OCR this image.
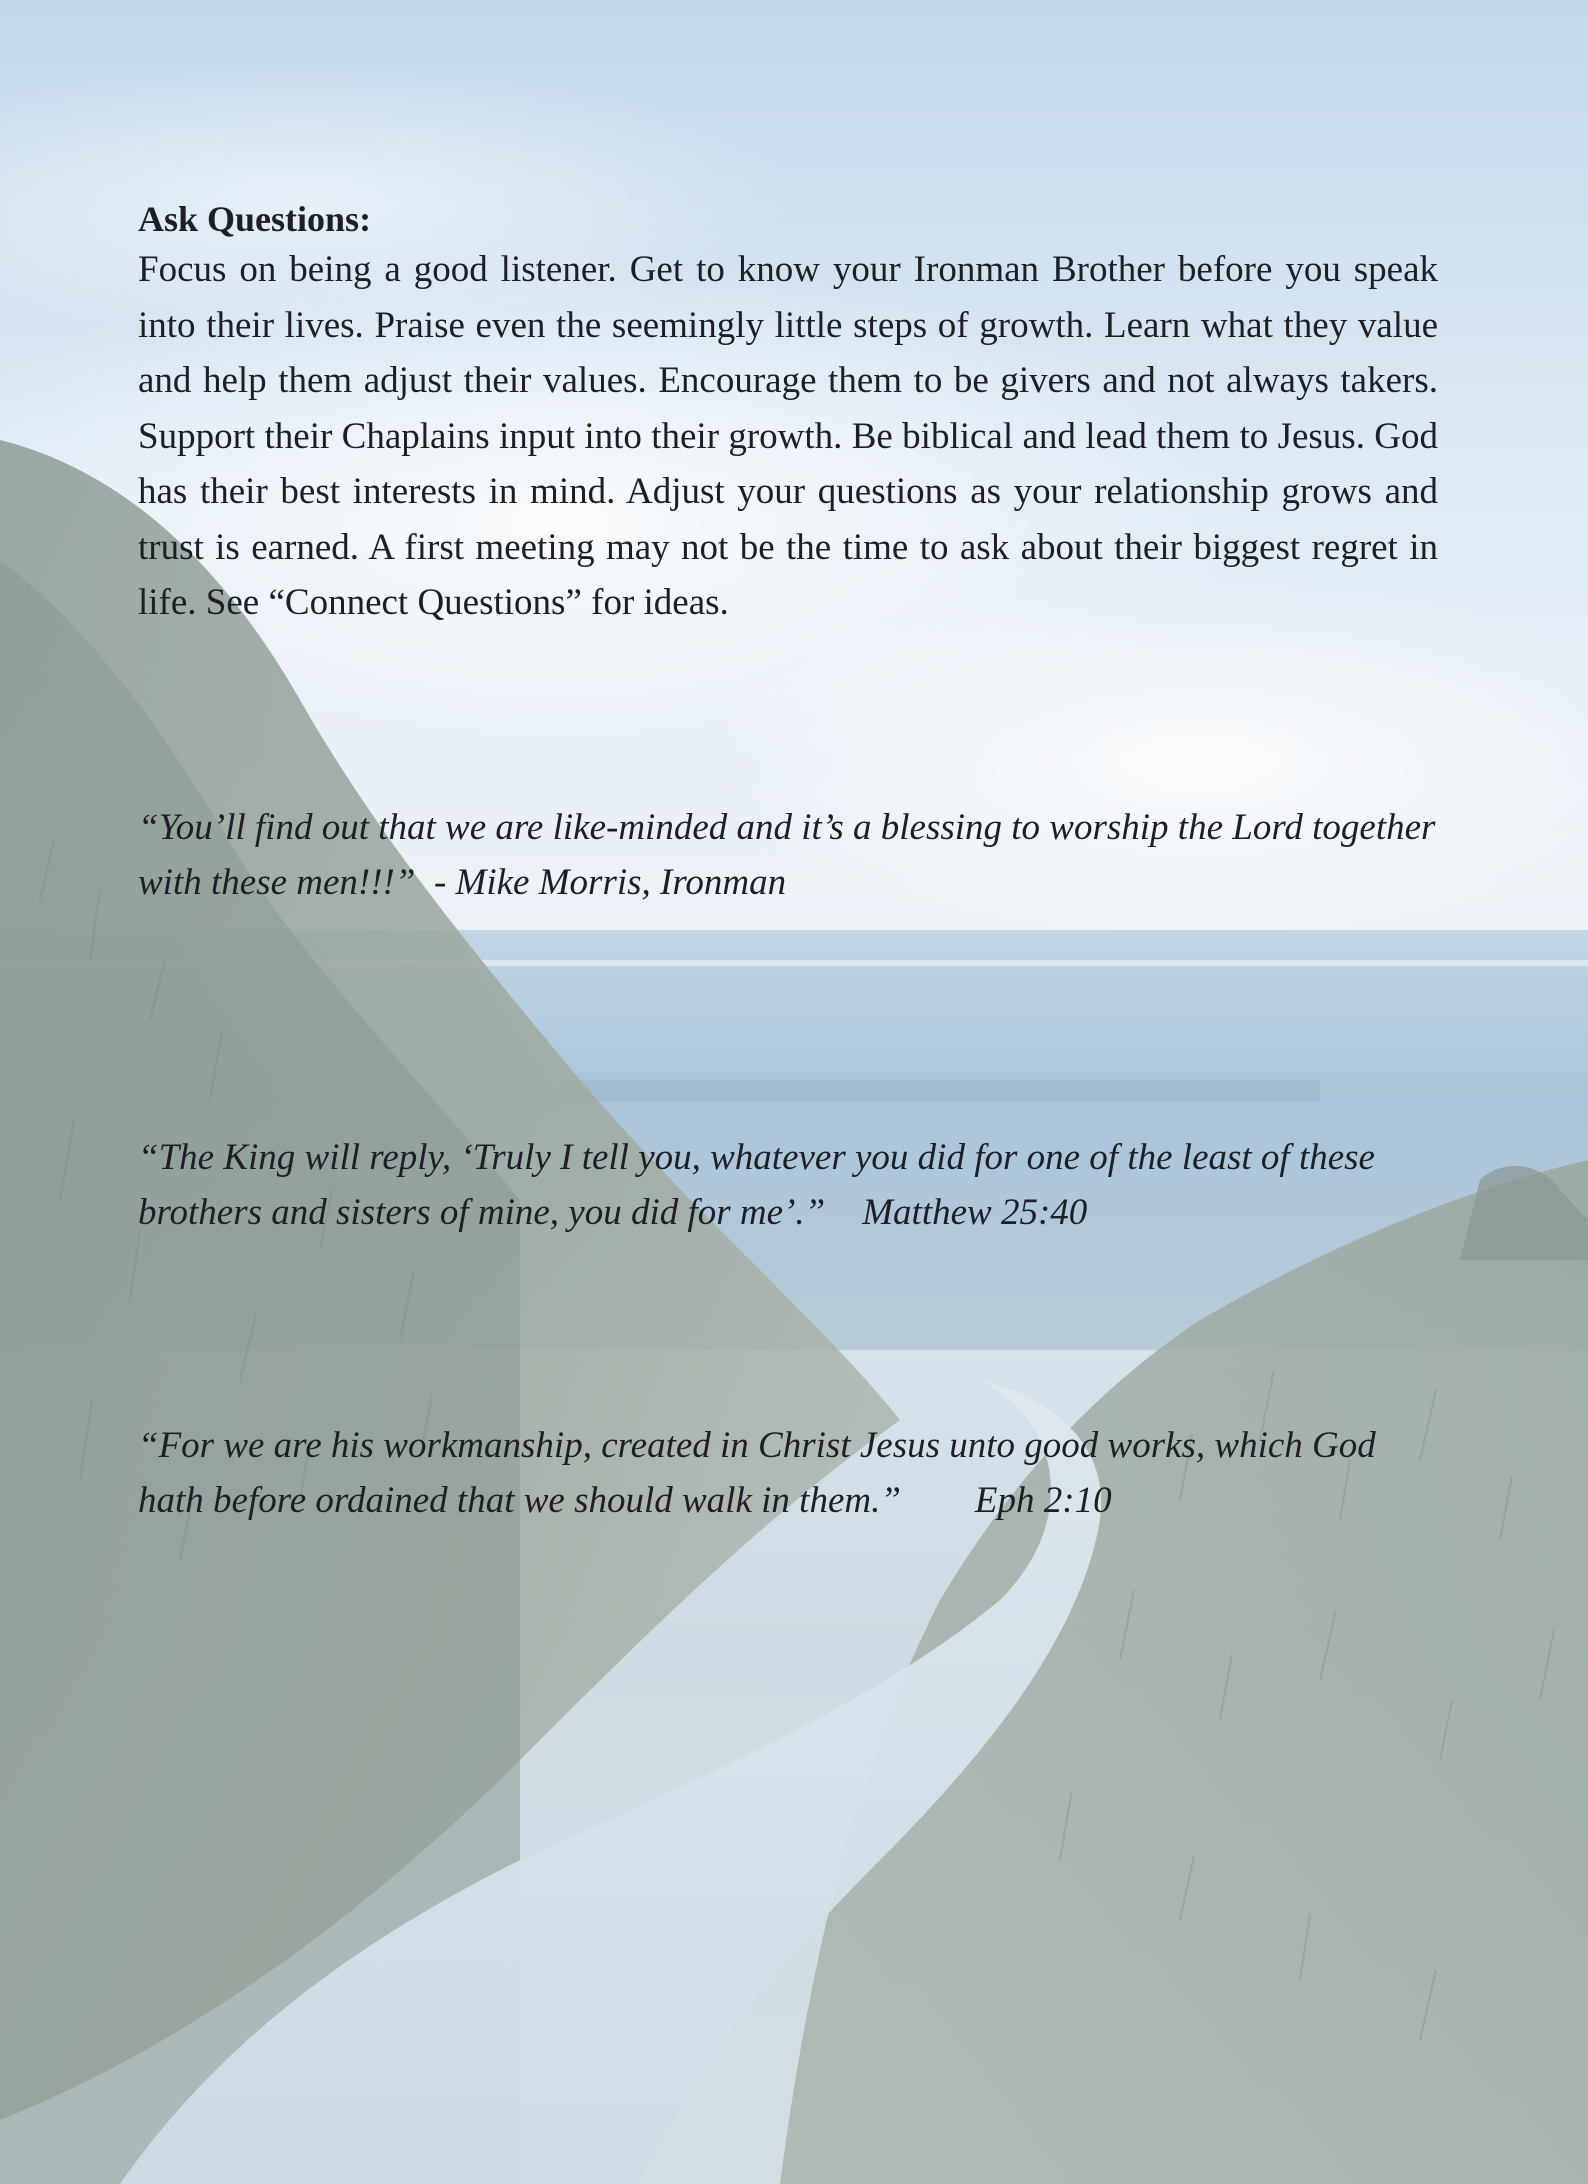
Ask Questions:

Focus on being a good listener. Get to know your Ironman Brother before you speak into their lives. Praise even the seemingly little steps of growth. Learn what they value and help them adjust their values. Encourage them to be givers and not always takers. Support their Chaplains input into their growth. Be biblical and lead them to Jesus. God has their best interests in mind. Adjust your questions as your relationship grows and trust is earned. A first meeting may not be the time to ask about their biggest regret in life. See “Connect Questions” for ideas.

“You’ll find out that we are like-minded and it’s a blessing to worship the Lord together with these men!!!” - Mike Morris, Ironman

“The King will reply, ‘Truly I tell you, whatever you did for one of the least of these brothers and sisters of mine, you did for me’.” Matthew 25:40

“For we are his workmanship, created in Christ Jesus unto good works, which God hath before ordained that we should walk in them.” Eph 2:10
